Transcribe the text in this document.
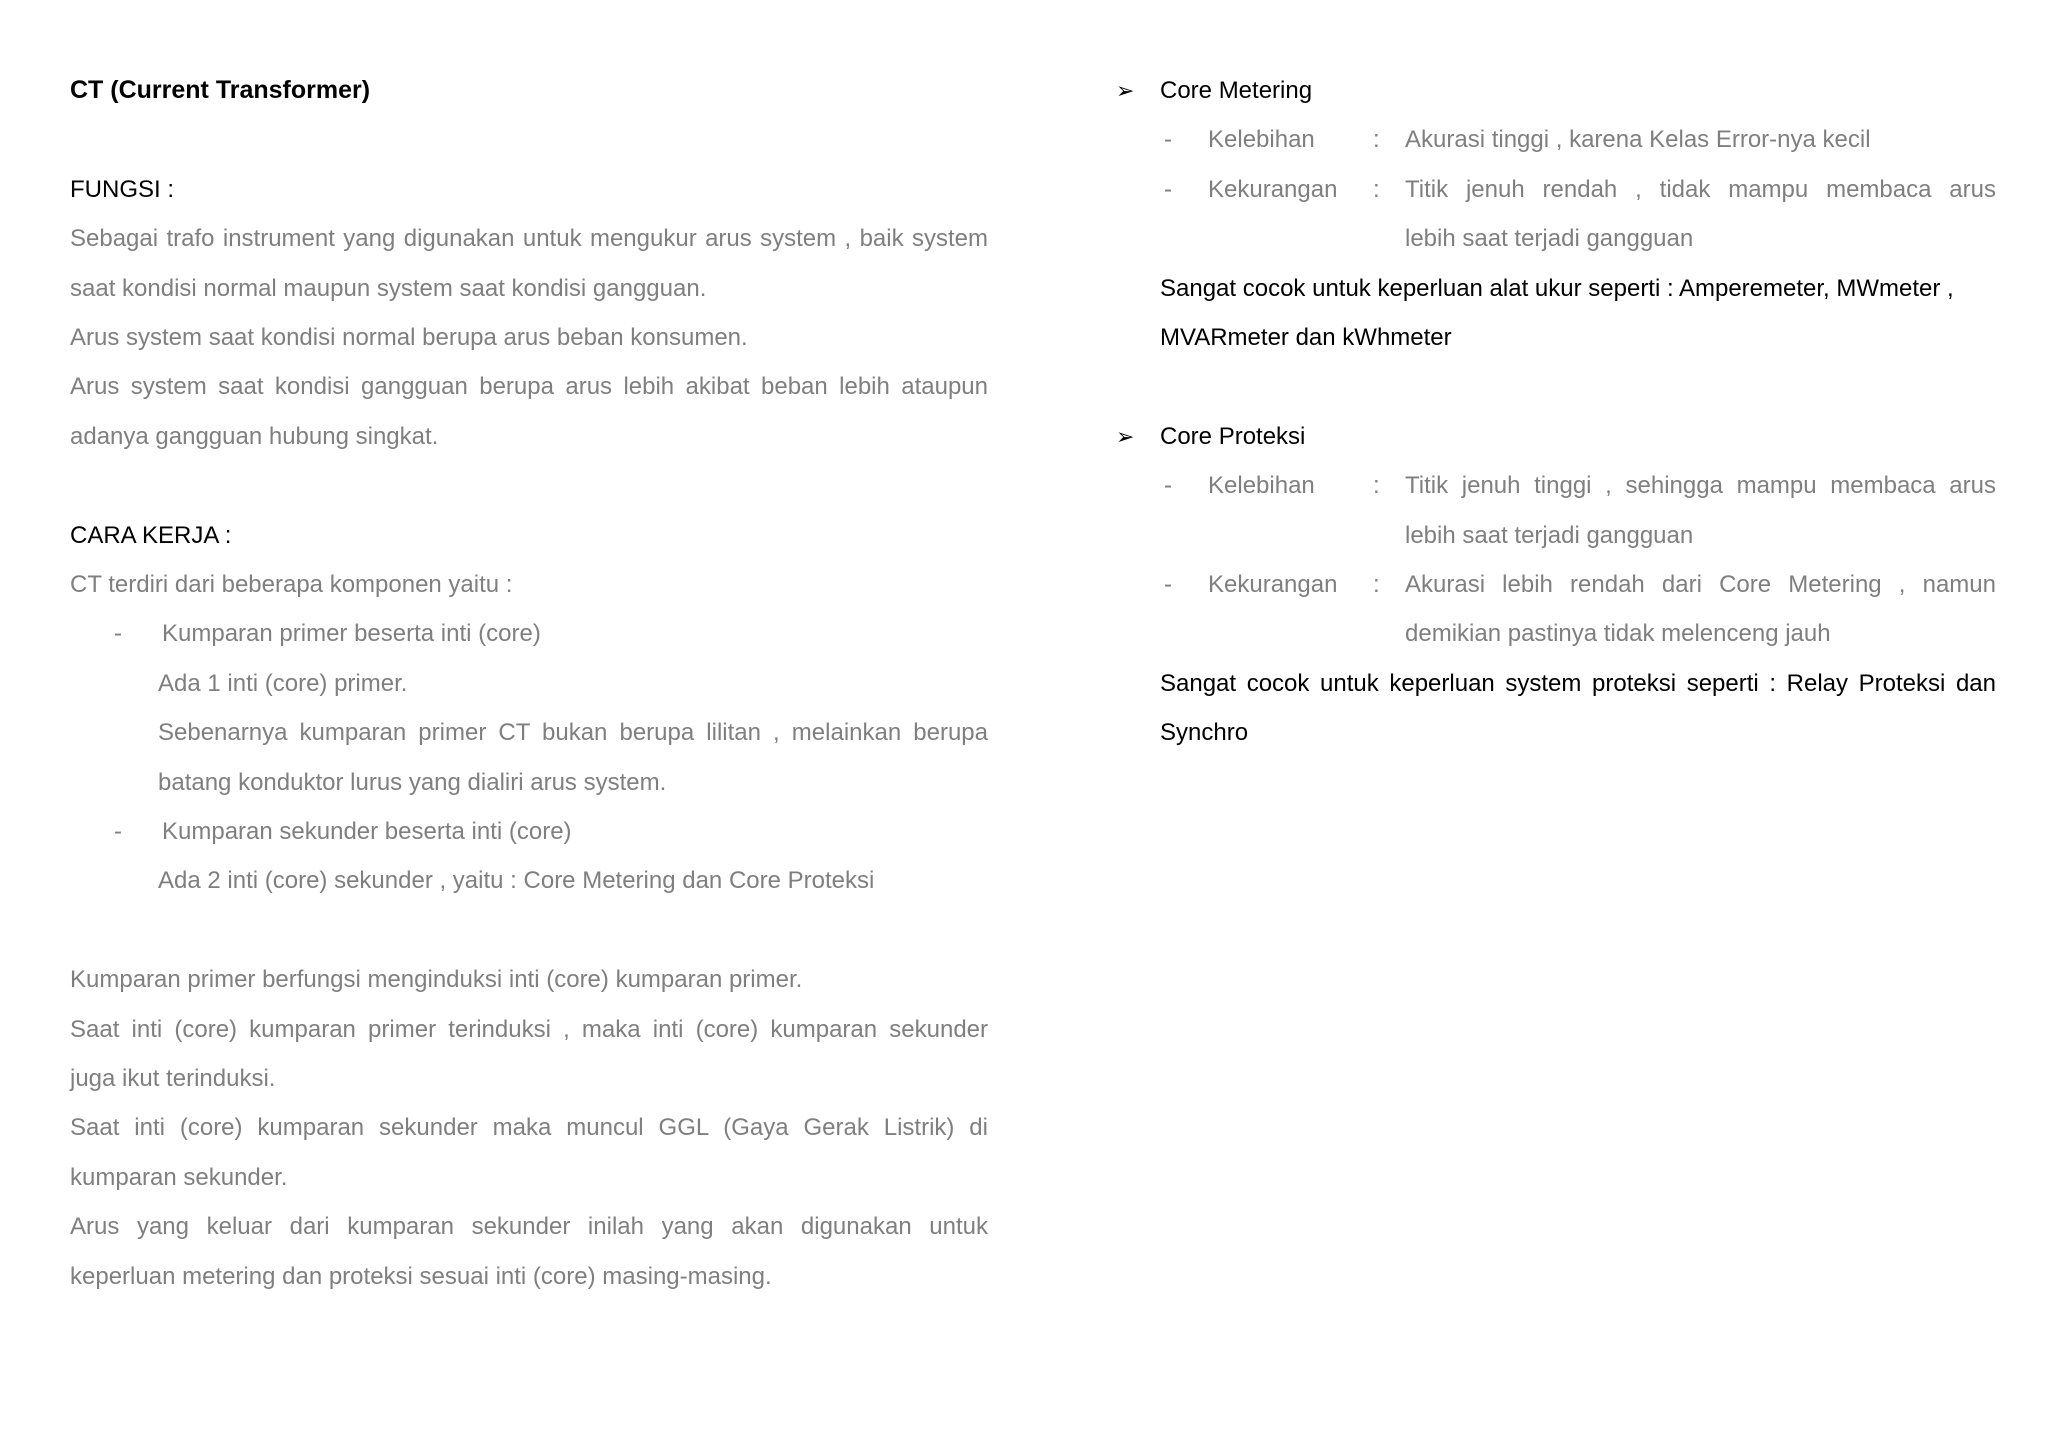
CT (Current Transformer)
FUNGSI :
Sebagai trafo instrument yang digunakan untuk mengukur arus system , baik system
saat kondisi normal maupun system saat kondisi gangguan.
Arus system saat kondisi normal berupa arus beban konsumen.
Arus system saat kondisi gangguan berupa arus lebih akibat beban lebih ataupun
adanya gangguan hubung singkat.
CARA KERJA :
CT terdiri dari beberapa komponen yaitu :
-	Kumparan primer beserta inti (core)
Ada 1 inti (core) primer.
Sebenarnya kumparan primer CT bukan berupa lilitan , melainkan berupa
batang konduktor lurus yang dialiri arus system.
-	Kumparan sekunder beserta inti (core)
Ada 2 inti (core) sekunder , yaitu : Core Metering dan Core Proteksi
Kumparan primer berfungsi menginduksi inti (core) kumparan primer.
Saat inti (core) kumparan primer terinduksi , maka inti (core) kumparan sekunder
juga ikut terinduksi.
Saat inti (core) kumparan sekunder maka muncul GGL (Gaya Gerak Listrik) di
kumparan sekunder.
Arus yang keluar dari kumparan sekunder inilah yang akan digunakan untuk
keperluan metering dan proteksi sesuai inti (core) masing-masing.
➢	Core Metering
-	Kelebihan	:	Akurasi tinggi , karena Kelas Error-nya kecil
-	Kekurangan	:	Titik jenuh rendah , tidak mampu membaca arus
lebih saat terjadi gangguan
Sangat cocok untuk keperluan alat ukur seperti : Amperemeter, MWmeter ,
MVARmeter dan kWhmeter
➢	Core Proteksi
-	Kelebihan	:	Titik jenuh tinggi , sehingga mampu membaca arus
lebih saat terjadi gangguan
-	Kekurangan	:	Akurasi lebih rendah dari Core Metering , namun
demikian pastinya tidak melenceng jauh
Sangat cocok untuk keperluan system proteksi seperti : Relay Proteksi dan
Synchro
